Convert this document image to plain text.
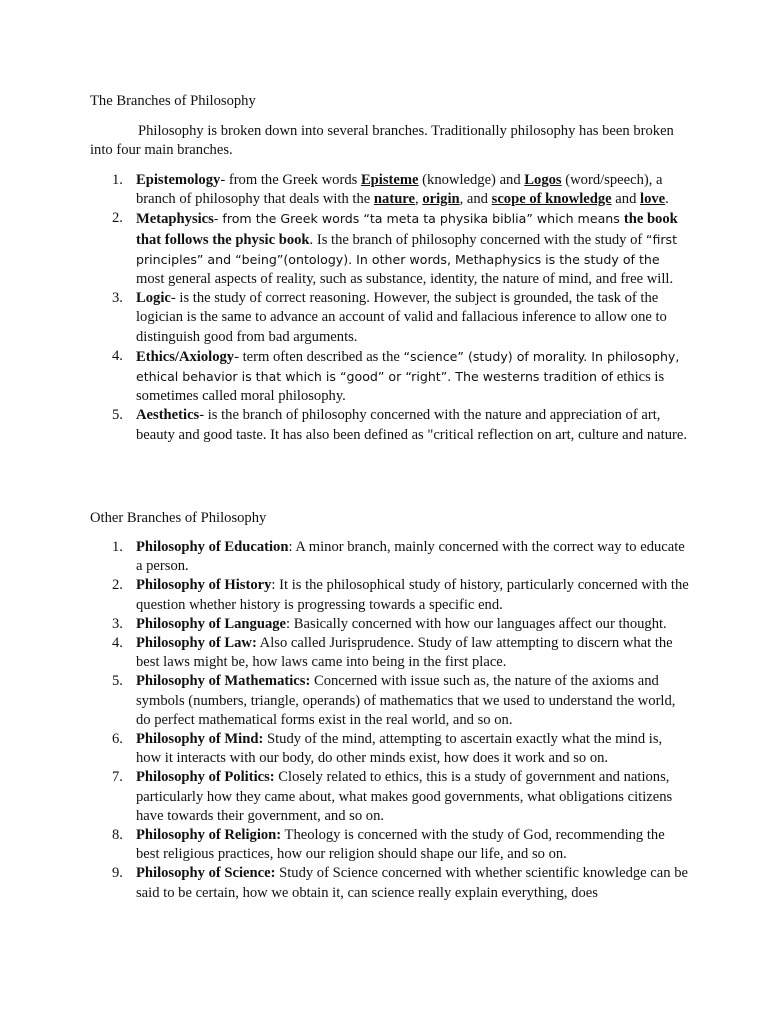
The Branches of Philosophy
Philosophy is broken down into several branches. Traditionally philosophy has been broken into four main branches.
1. Epistemology- from the Greek words Episteme (knowledge) and Logos (word/speech), a branch of philosophy that deals with the nature, origin, and scope of knowledge and love.
2. Metaphysics- from the Greek words “ta meta ta physika biblia” which means the book that follows the physic book. Is the branch of philosophy concerned with the study of “first principles” and “being”(ontology). In other words, Methaphysics is the study of the most general aspects of reality, such as substance, identity, the nature of mind, and free will.
3. Logic- is the study of correct reasoning. However, the subject is grounded, the task of the logician is the same to advance an account of valid and fallacious inference to allow one to distinguish good from bad arguments.
4. Ethics/Axiology- term often described as the “science” (study) of morality. In philosophy, ethical behavior is that which is “good” or “right”. The westerns tradition of ethics is sometimes called moral philosophy.
5. Aesthetics- is the branch of philosophy concerned with the nature and appreciation of art, beauty and good taste. It has also been defined as "critical reflection on art, culture and nature.
Other Branches of Philosophy
1. Philosophy of Education: A minor branch, mainly concerned with the correct way to educate a person.
2. Philosophy of History: It is the philosophical study of history, particularly concerned with the question whether history is progressing towards a specific end.
3. Philosophy of Language: Basically concerned with how our languages affect our thought.
4. Philosophy of Law: Also called Jurisprudence. Study of law attempting to discern what the best laws might be, how laws came into being in the first place.
5. Philosophy of Mathematics: Concerned with issue such as, the nature of the axioms and symbols (numbers, triangle, operands) of mathematics that we used to understand the world, do perfect mathematical forms exist in the real world, and so on.
6. Philosophy of Mind: Study of the mind, attempting to ascertain exactly what the mind is, how it interacts with our body, do other minds exist, how does it work and so on.
7. Philosophy of Politics: Closely related to ethics, this is a study of government and nations, particularly how they came about, what makes good governments, what obligations citizens have towards their government, and so on.
8. Philosophy of Religion: Theology is concerned with the study of God, recommending the best religious practices, how our religion should shape our life, and so on.
9. Philosophy of Science: Study of Science concerned with whether scientific knowledge can be said to be certain, how we obtain it, can science really explain everything, does
